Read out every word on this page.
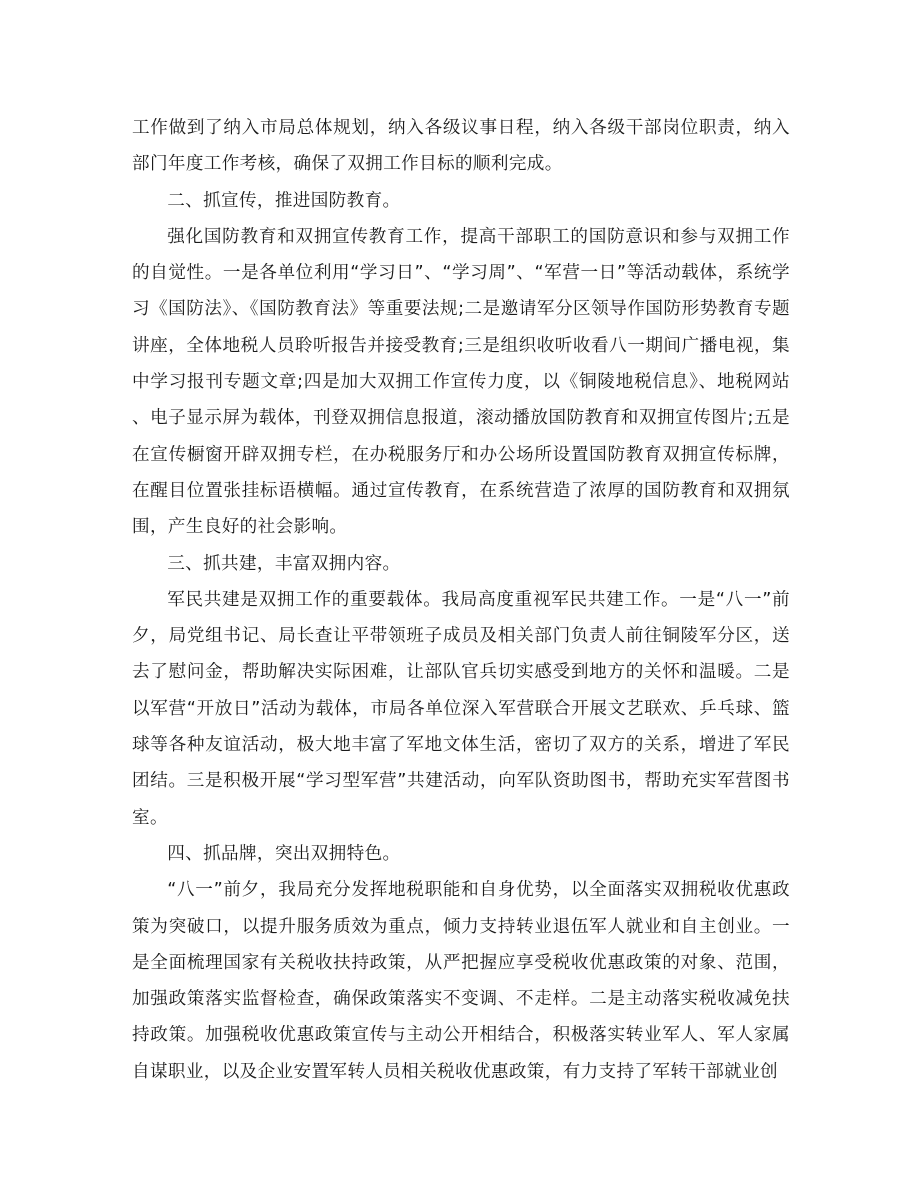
工作做到了纳入市局总体规划，纳入各级议事日程，纳入各级干部岗位职责，纳入部门年度工作考核，确保了双拥工作目标的顺利完成。

二、抓宣传，推进国防教育。

强化国防教育和双拥宣传教育工作，提高干部职工的国防意识和参与双拥工作的自觉性。一是各单位利用“学习日”、“学习周”、“军营一日”等活动载体，系统学习《国防法》、《国防教育法》等重要法规;二是邀请军分区领导作国防形势教育专题讲座，全体地税人员聆听报告并接受教育;三是组织收听收看八一期间广播电视，集中学习报刊专题文章;四是加大双拥工作宣传力度，以《铜陵地税信息》、地税网站、电子显示屏为载体，刊登双拥信息报道，滚动播放国防教育和双拥宣传图片;五是在宣传橱窗开辟双拥专栏，在办税服务厅和办公场所设置国防教育双拥宣传标牌，在醒目位置张挂标语横幅。通过宣传教育，在系统营造了浓厚的国防教育和双拥氛围，产生良好的社会影响。

三、抓共建，丰富双拥内容。

军民共建是双拥工作的重要载体。我局高度重视军民共建工作。一是“八一”前夕，局党组书记、局长查让平带领班子成员及相关部门负责人前往铜陵军分区，送去了慰问金，帮助解决实际困难，让部队官兵切实感受到地方的关怀和温暖。二是以军营“开放日”活动为载体，市局各单位深入军营联合开展文艺联欢、乒乓球、篮球等各种友谊活动，极大地丰富了军地文体生活，密切了双方的关系，增进了军民团结。三是积极开展“学习型军营”共建活动，向军队资助图书，帮助充实军营图书室。

四、抓品牌，突出双拥特色。

“八一”前夕，我局充分发挥地税职能和自身优势，以全面落实双拥税收优惠政策为突破口，以提升服务质效为重点，倾力支持转业退伍军人就业和自主创业。一是全面梳理国家有关税收扶持政策，从严把握应享受税收优惠政策的对象、范围，加强政策落实监督检查，确保政策落实不变调、不走样。二是主动落实税收减免扶持政策。加强税收优惠政策宣传与主动公开相结合，积极落实转业军人、军人家属自谋职业，以及企业安置军转人员相关税收优惠政策，有力支持了军转干部就业创
